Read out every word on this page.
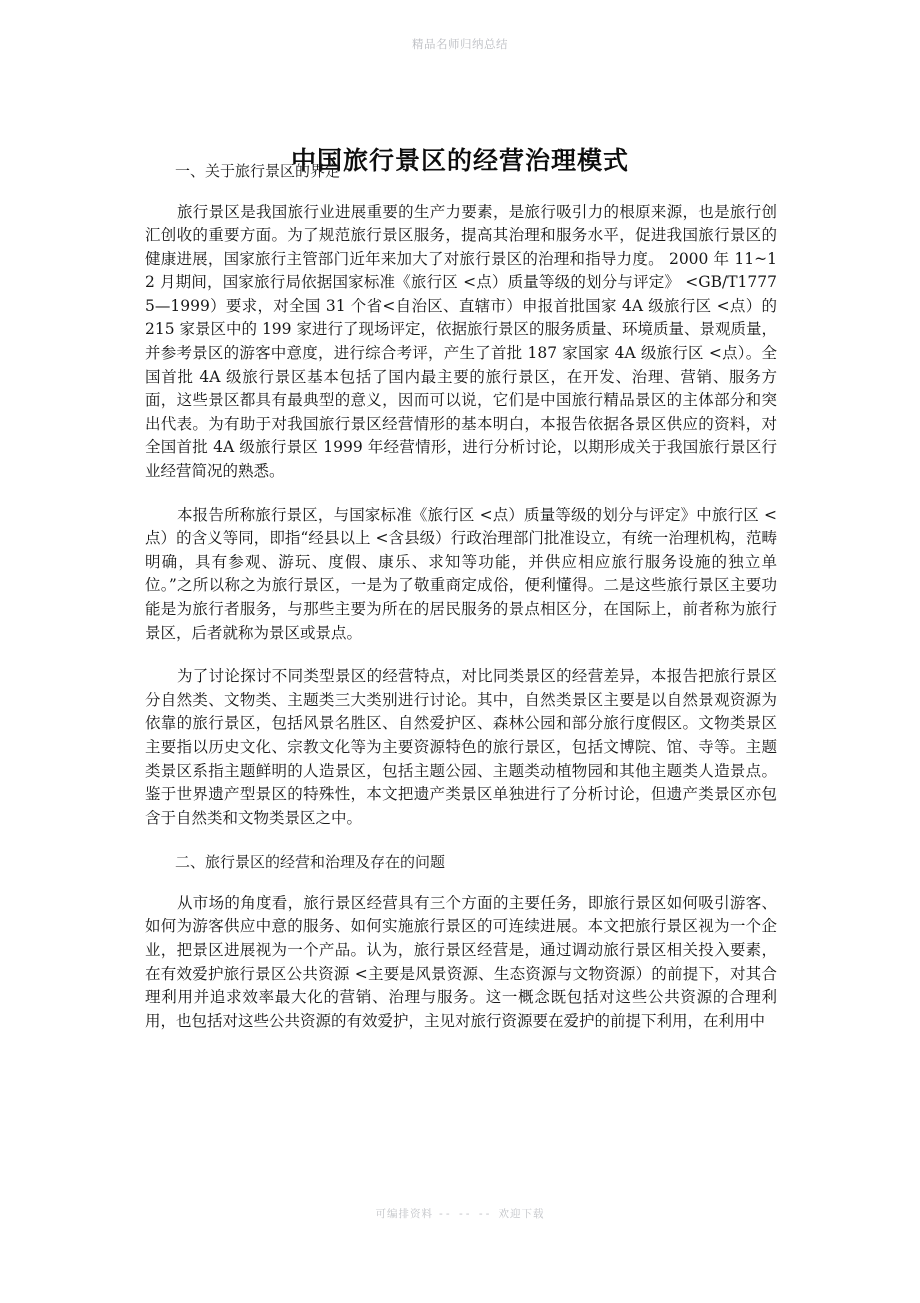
精品名师归纳总结
中国旅行景区的经营治理模式

一、关于旅行景区的界定

旅行景区是我国旅行业进展重要的生产力要素，是旅行吸引力的根原来源，也是旅行创汇创收的重要方面。为了规范旅行景区服务，提高其治理和服务水平，促进我国旅行景区的健康进展，国家旅行主管部门近年来加大了对旅行景区的治理和指导力度。 2000 年 11~12 月期间，国家旅行局依据国家标准《旅行区 <点）质量等级的划分与评定》 <GB/T17775—1999）要求，对全国 31 个省<自治区、直辖市）申报首批国家 4A 级旅行区 <点）的 215 家景区中的 199 家进行了现场评定，依据旅行景区的服务质量、环境质量、景观质量，并参考景区的游客中意度，进行综合考评，产生了首批 187 家国家 4A 级旅行区 <点）。全国首批 4A 级旅行景区基本包括了国内最主要的旅行景区，在开发、治理、营销、服务方面，这些景区都具有最典型的意义，因而可以说，它们是中国旅行精品景区的主体部分和突出代表。为有助于对我国旅行景区经营情形的基本明白，本报告依据各景区供应的资料，对全国首批 4A 级旅行景区 1999 年经营情形，进行分析讨论，以期形成关于我国旅行景区行业经营简况的熟悉。

本报告所称旅行景区，与国家标准《旅行区 <点）质量等级的划分与评定》中旅行区 <点）的含义等同，即指“经县以上 <含县级）行政治理部门批准设立，有统一治理机构，范畴明确，具有参观、游玩、度假、康乐、求知等功能，并供应相应旅行服务设施的独立单位。”之所以称之为旅行景区，一是为了敬重商定成俗，便利懂得。二是这些旅行景区主要功能是为旅行者服务，与那些主要为所在的居民服务的景点相区分，在国际上，前者称为旅行景区，后者就称为景区或景点。

为了讨论探讨不同类型景区的经营特点，对比同类景区的经营差异，本报告把旅行景区分自然类、文物类、主题类三大类别进行讨论。其中，自然类景区主要是以自然景观资源为依靠的旅行景区，包括风景名胜区、自然爱护区、森林公园和部分旅行度假区。文物类景区主要指以历史文化、宗教文化等为主要资源特色的旅行景区，包括文博院、馆、寺等。主题类景区系指主题鲜明的人造景区，包括主题公园、主题类动植物园和其他主题类人造景点。鉴于世界遗产型景区的特殊性，本文把遗产类景区单独进行了分析讨论，但遗产类景区亦包含于自然类和文物类景区之中。

二、旅行景区的经营和治理及存在的问题

从市场的角度看，旅行景区经营具有三个方面的主要任务，即旅行景区如何吸引游客、如何为游客供应中意的服务、如何实施旅行景区的可连续进展。本文把旅行景区视为一个企业，把景区进展视为一个产品。认为，旅行景区经营是，通过调动旅行景区相关投入要素，在有效爱护旅行景区公共资源 <主要是风景资源、生态资源与文物资源）的前提下，对其合理利用并追求效率最大化的营销、治理与服务。这一概念既包括对这些公共资源的合理利用，也包括对这些公共资源的有效爱护，主见对旅行资源要在爱护的前提下利用，在利用中

可编排资料 -- -- -- 欢迎下载
